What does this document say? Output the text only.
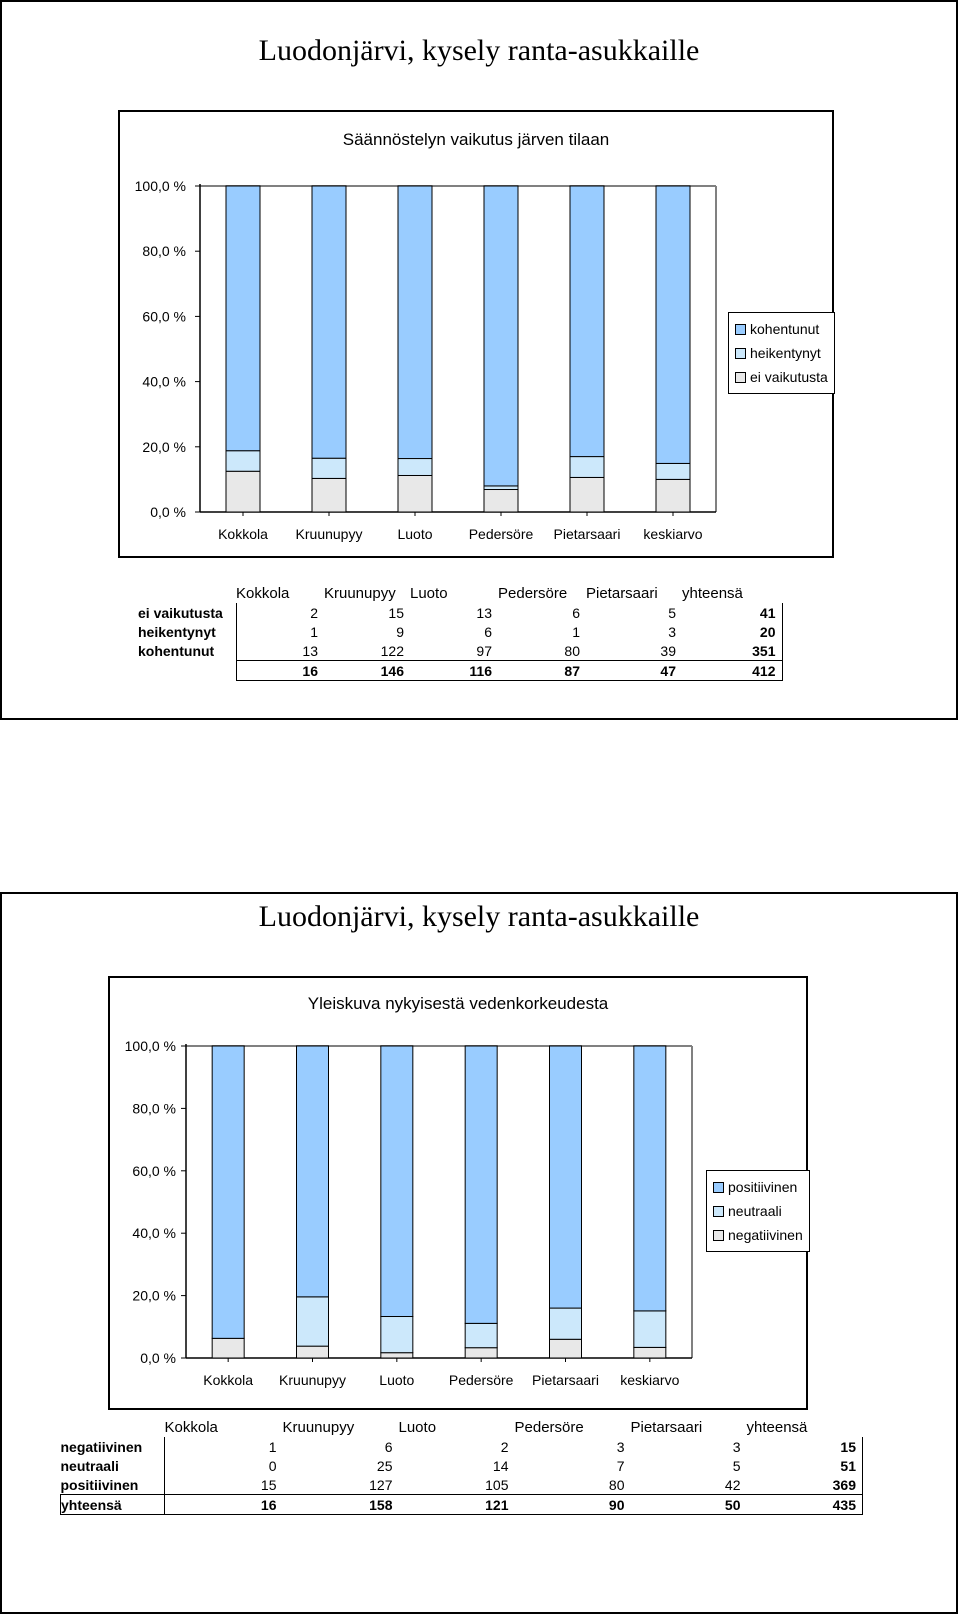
Luodonjärvi, kysely ranta-asukkaille
Säännöstelyn vaikutus järven tilaan
100,0 %
80,0 %
60,0 %
40,0 %
20,0 %
0,0 %
Kokkola Kruunupyy	Luoto	Pedersöre Pietarsaari keskiarvo
kohentunut
heikentynyt
ei vaikutusta
	Kokkola	Kruunupyy	Luoto	Pedersöre	Pietarsaari	yhteensä
ei vaikutusta	2	15	13	6	5	41
heikentynyt	1	9	6	1	3	20
kohentunut	13	122	97	80	39	351
	16	146	116	87	47	412
Luodonjärvi, kysely ranta-asukkaille
Yleiskuva nykyisestä vedenkorkeudesta
100,0 %
80,0 %
60,0 %
40,0 %
20,0 %
0,0 %
Kokkola Kruunupyy Luoto Pedersöre Pietarsaari keskiarvo
positiivinen
neutraali
negatiivinen
	Kokkola	Kruunupyy	Luoto	Pedersöre	Pietarsaari	yhteensä
negatiivinen	1	6	2	3	3	15
neutraali	0	25	14	7	5	51
positiivinen	15	127	105	80	42	369
yhteensä	16	158	121	90	50	435
